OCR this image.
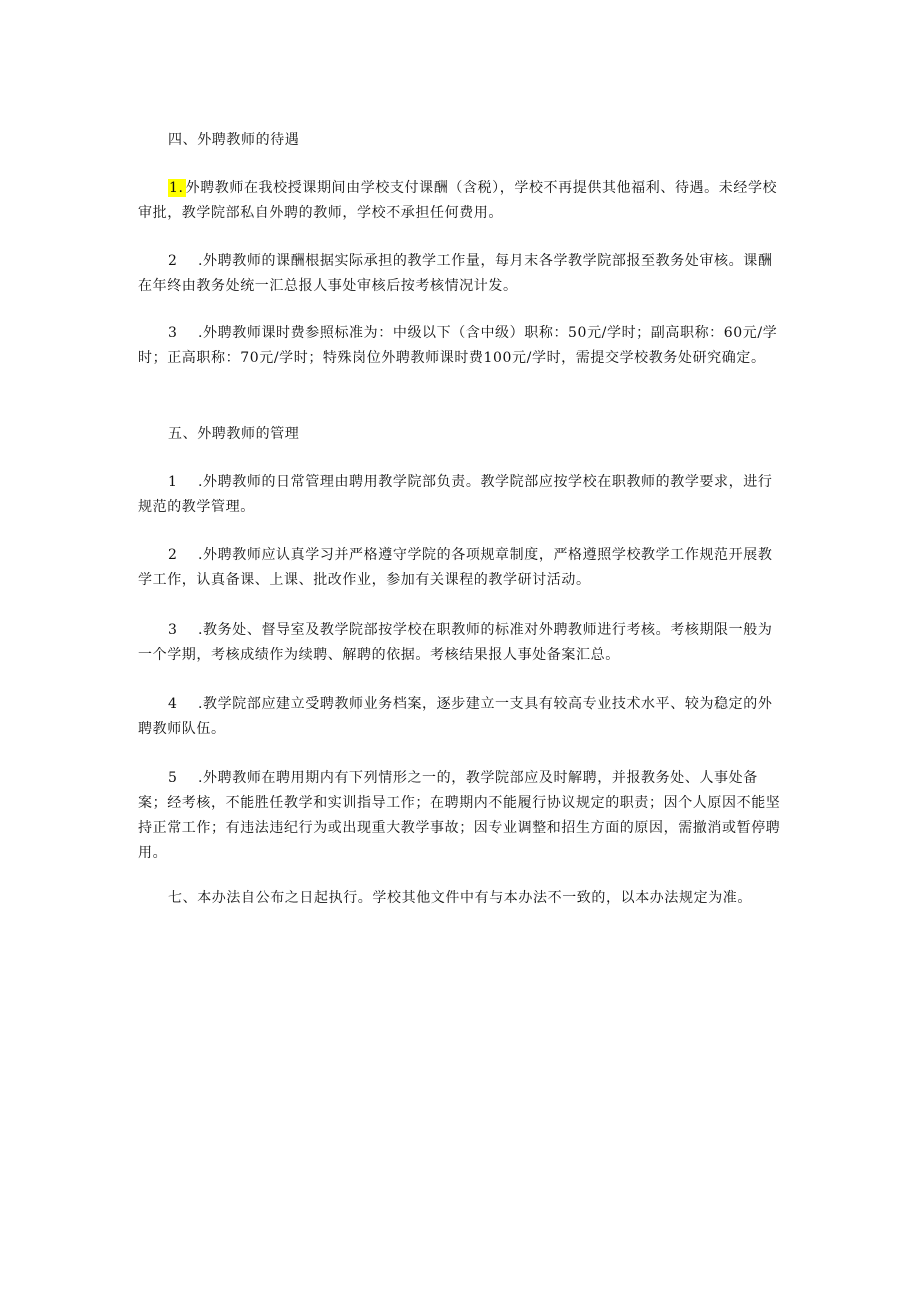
四、外聘教师的待遇

1. 外聘教师在我校授课期间由学校支付课酬（含税），学校不再提供其他福利、待遇。未经学校审批，教学院部私自外聘的教师，学校不承担任何费用。

2 .外聘教师的课酬根据实际承担的教学工作量，每月末各学教学院部报至教务处审核。课酬在年终由教务处统一汇总报人事处审核后按考核情况计发。

3 .外聘教师课时费参照标准为：中级以下（含中级）职称：50元/学时；副高职称：60元/学时；正高职称：70元/学时；特殊岗位外聘教师课时费100元/学时，需提交学校教务处研究确定。

五、外聘教师的管理

1 .外聘教师的日常管理由聘用教学院部负责。教学院部应按学校在职教师的教学要求，进行规范的教学管理。

2 .外聘教师应认真学习并严格遵守学院的各项规章制度，严格遵照学校教学工作规范开展教学工作，认真备课、上课、批改作业，参加有关课程的教学研讨活动。

3 .教务处、督导室及教学院部按学校在职教师的标准对外聘教师进行考核。考核期限一般为一个学期，考核成绩作为续聘、解聘的依据。考核结果报人事处备案汇总。

4 .教学院部应建立受聘教师业务档案，逐步建立一支具有较高专业技术水平、较为稳定的外聘教师队伍。

5 .外聘教师在聘用期内有下列情形之一的，教学院部应及时解聘，并报教务处、人事处备案；经考核，不能胜任教学和实训指导工作；在聘期内不能履行协议规定的职责；因个人原因不能坚持正常工作；有违法违纪行为或出现重大教学事故；因专业调整和招生方面的原因，需撤消或暂停聘用。

七、本办法自公布之日起执行。学校其他文件中有与本办法不一致的，以本办法规定为准。
